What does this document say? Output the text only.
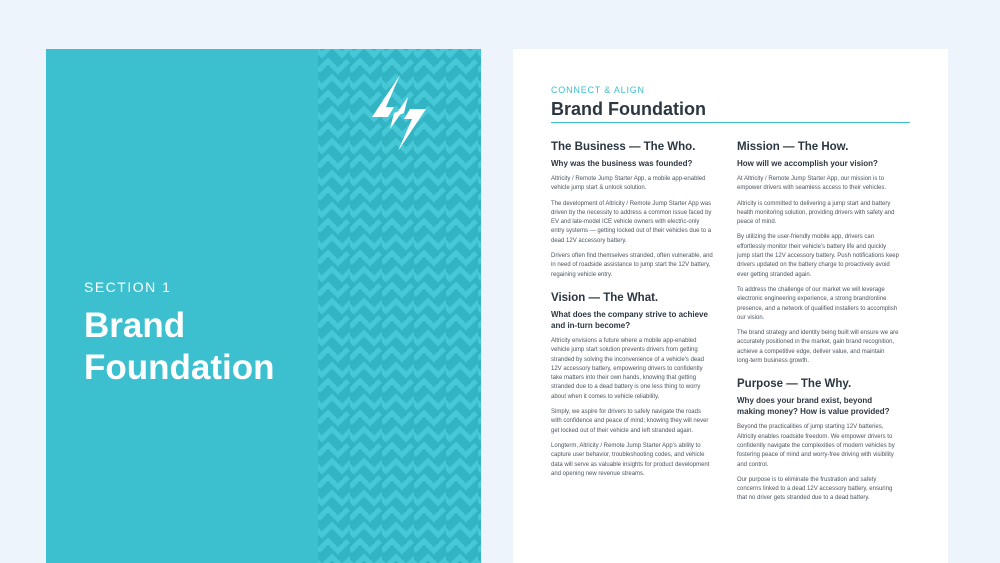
SECTION 1
Brand
Foundation
CONNECT & ALIGN
Brand Foundation
The Business — The Who.
Why was the business was founded?

Altricity / Remote Jump Starter App, a mobile app-enabled vehicle jump start & unlock solution.

The development of Altricity / Remote Jump Starter App was driven by the necessity to address a common issue faced by EV and late-model ICE vehicle owners with electric-only entry systems — getting locked out of their vehicles due to a dead 12V accessory battery.

Drivers often find themselves stranded, often vulnerable, and in need of roadside assistance to jump start the 12V battery, regaining vehicle entry.

Vision — The What.
What does the company strive to achieve and in-turn become?

Altricity envisions a future where a mobile app-enabled vehicle jump start solution prevents drivers from getting stranded by solving the inconvenience of a vehicle's dead 12V accessory battery, empowering drivers to confidently take matters into their own hands, knowing that getting stranded due to a dead battery is one less thing to worry about when it comes to vehicle reliability.

Simply, we aspire for drivers to safely navigate the roads with confidence and peace of mind; knowing they will never get locked out of their vehicle and left stranded again.

Longterm, Altricity / Remote Jump Starter App's ability to capture user behavior, troubleshooting codes, and vehicle data will serve as valuable insights for product development and opening new revenue streams.

Mission — The How.
How will we accomplish your vision?

At Altricity / Remote Jump Starter App, our mission is to empower drivers with seamless access to their vehicles.

Altricity is committed to delivering a jump start and battery health monitoring solution, providing drivers with safety and peace of mind.

By utilizing the user-friendly mobile app, drivers can effortlessly monitor their vehicle's battery life and quickly jump start the 12V accessory battery. Push notifications keep drivers updated on the battery charge to proactively avoid ever getting stranded again.

To address the challenge of our market we will leverage electronic engineering experience, a strong brand/online presence, and a network of qualified installers to accomplish our vision.

The brand strategy and identity being built will ensure we are accurately positioned in the market, gain brand recognition, achieve a competitive edge, deliver value, and maintain long-term business growth.

Purpose — The Why.
Why does your brand exist, beyond making money? How is value provided?

Beyond the practicalities of jump starting 12V batteries, Altricity enables roadside freedom. We empower drivers to confidently navigate the complexities of modern vehicles by fostering peace of mind and worry-free driving with visibility and control.

Our purpose is to eliminate the frustration and safety concerns linked to a dead 12V accessory battery, ensuring that no driver gets stranded due to a dead battery.
